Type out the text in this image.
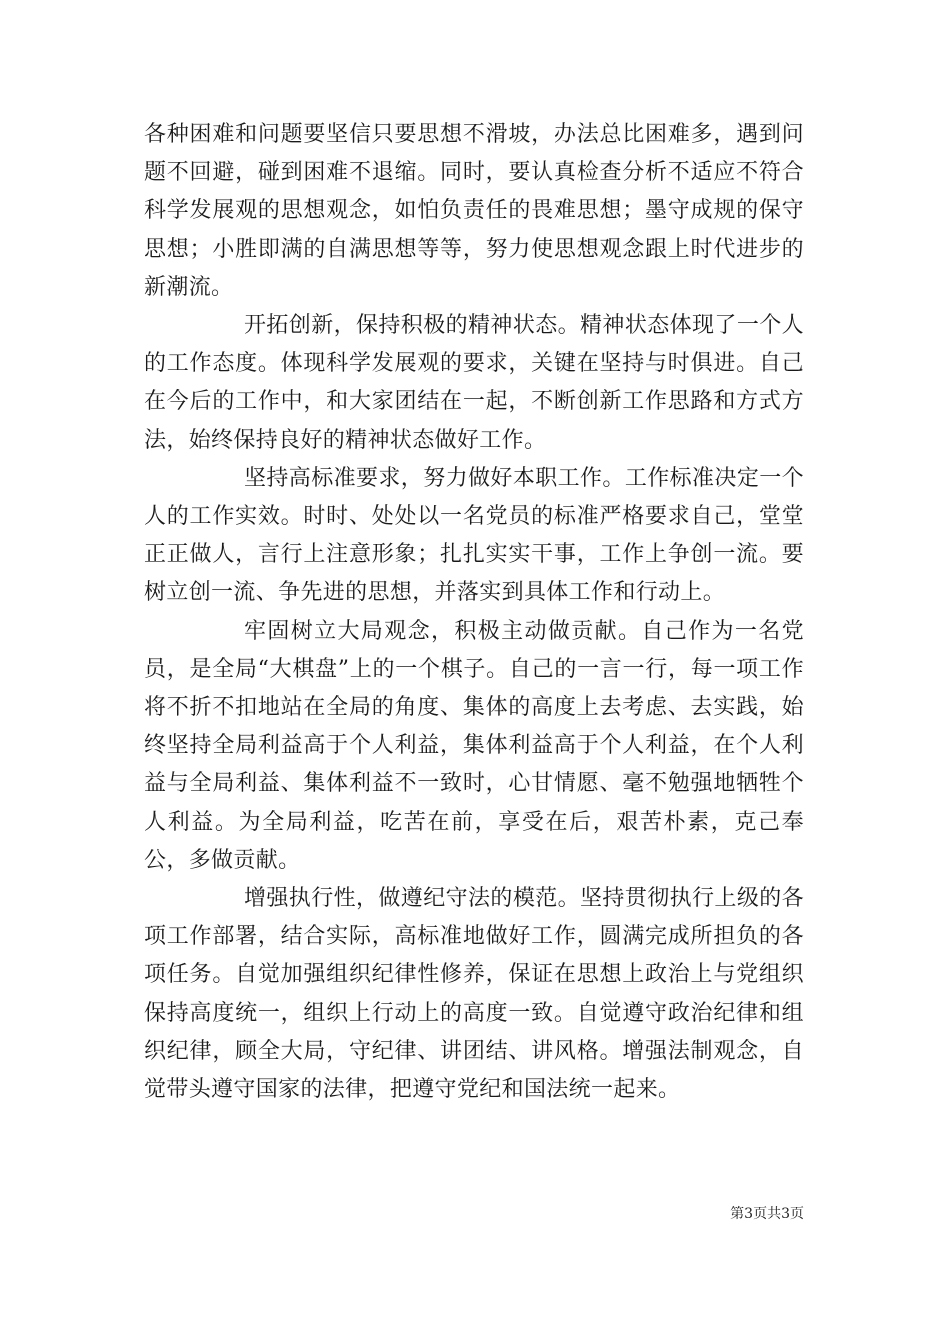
各种困难和问题要坚信只要思想不滑坡，办法总比困难多，遇到问题不回避，碰到困难不退缩。同时，要认真检查分析不适应不符合科学发展观的思想观念，如怕负责任的畏难思想；墨守成规的保守思想；小胜即满的自满思想等等，努力使思想观念跟上时代进步的新潮流。

开拓创新，保持积极的精神状态。精神状态体现了一个人的工作态度。体现科学发展观的要求，关键在坚持与时俱进。自己在今后的工作中，和大家团结在一起，不断创新工作思路和方式方法，始终保持良好的精神状态做好工作。

坚持高标准要求，努力做好本职工作。工作标准决定一个人的工作实效。时时、处处以一名党员的标准严格要求自己，堂堂正正做人，言行上注意形象；扎扎实实干事，工作上争创一流。要树立创一流、争先进的思想，并落实到具体工作和行动上。

牢固树立大局观念，积极主动做贡献。自己作为一名党员，是全局“大棋盘”上的一个棋子。自己的一言一行，每一项工作将不折不扣地站在全局的角度、集体的高度上去考虑、去实践，始终坚持全局利益高于个人利益，集体利益高于个人利益，在个人利益与全局利益、集体利益不一致时，心甘情愿、毫不勉强地牺牲个人利益。为全局利益，吃苦在前，享受在后，艰苦朴素，克己奉公，多做贡献。

增强执行性，做遵纪守法的模范。坚持贯彻执行上级的各项工作部署，结合实际，高标准地做好工作，圆满完成所担负的各项任务。自觉加强组织纪律性修养，保证在思想上政治上与党组织保持高度统一，组织上行动上的高度一致。自觉遵守政治纪律和组织纪律，顾全大局，守纪律、讲团结、讲风格。增强法制观念，自觉带头遵守国家的法律，把遵守党纪和国法统一起来。

第3页共3页
